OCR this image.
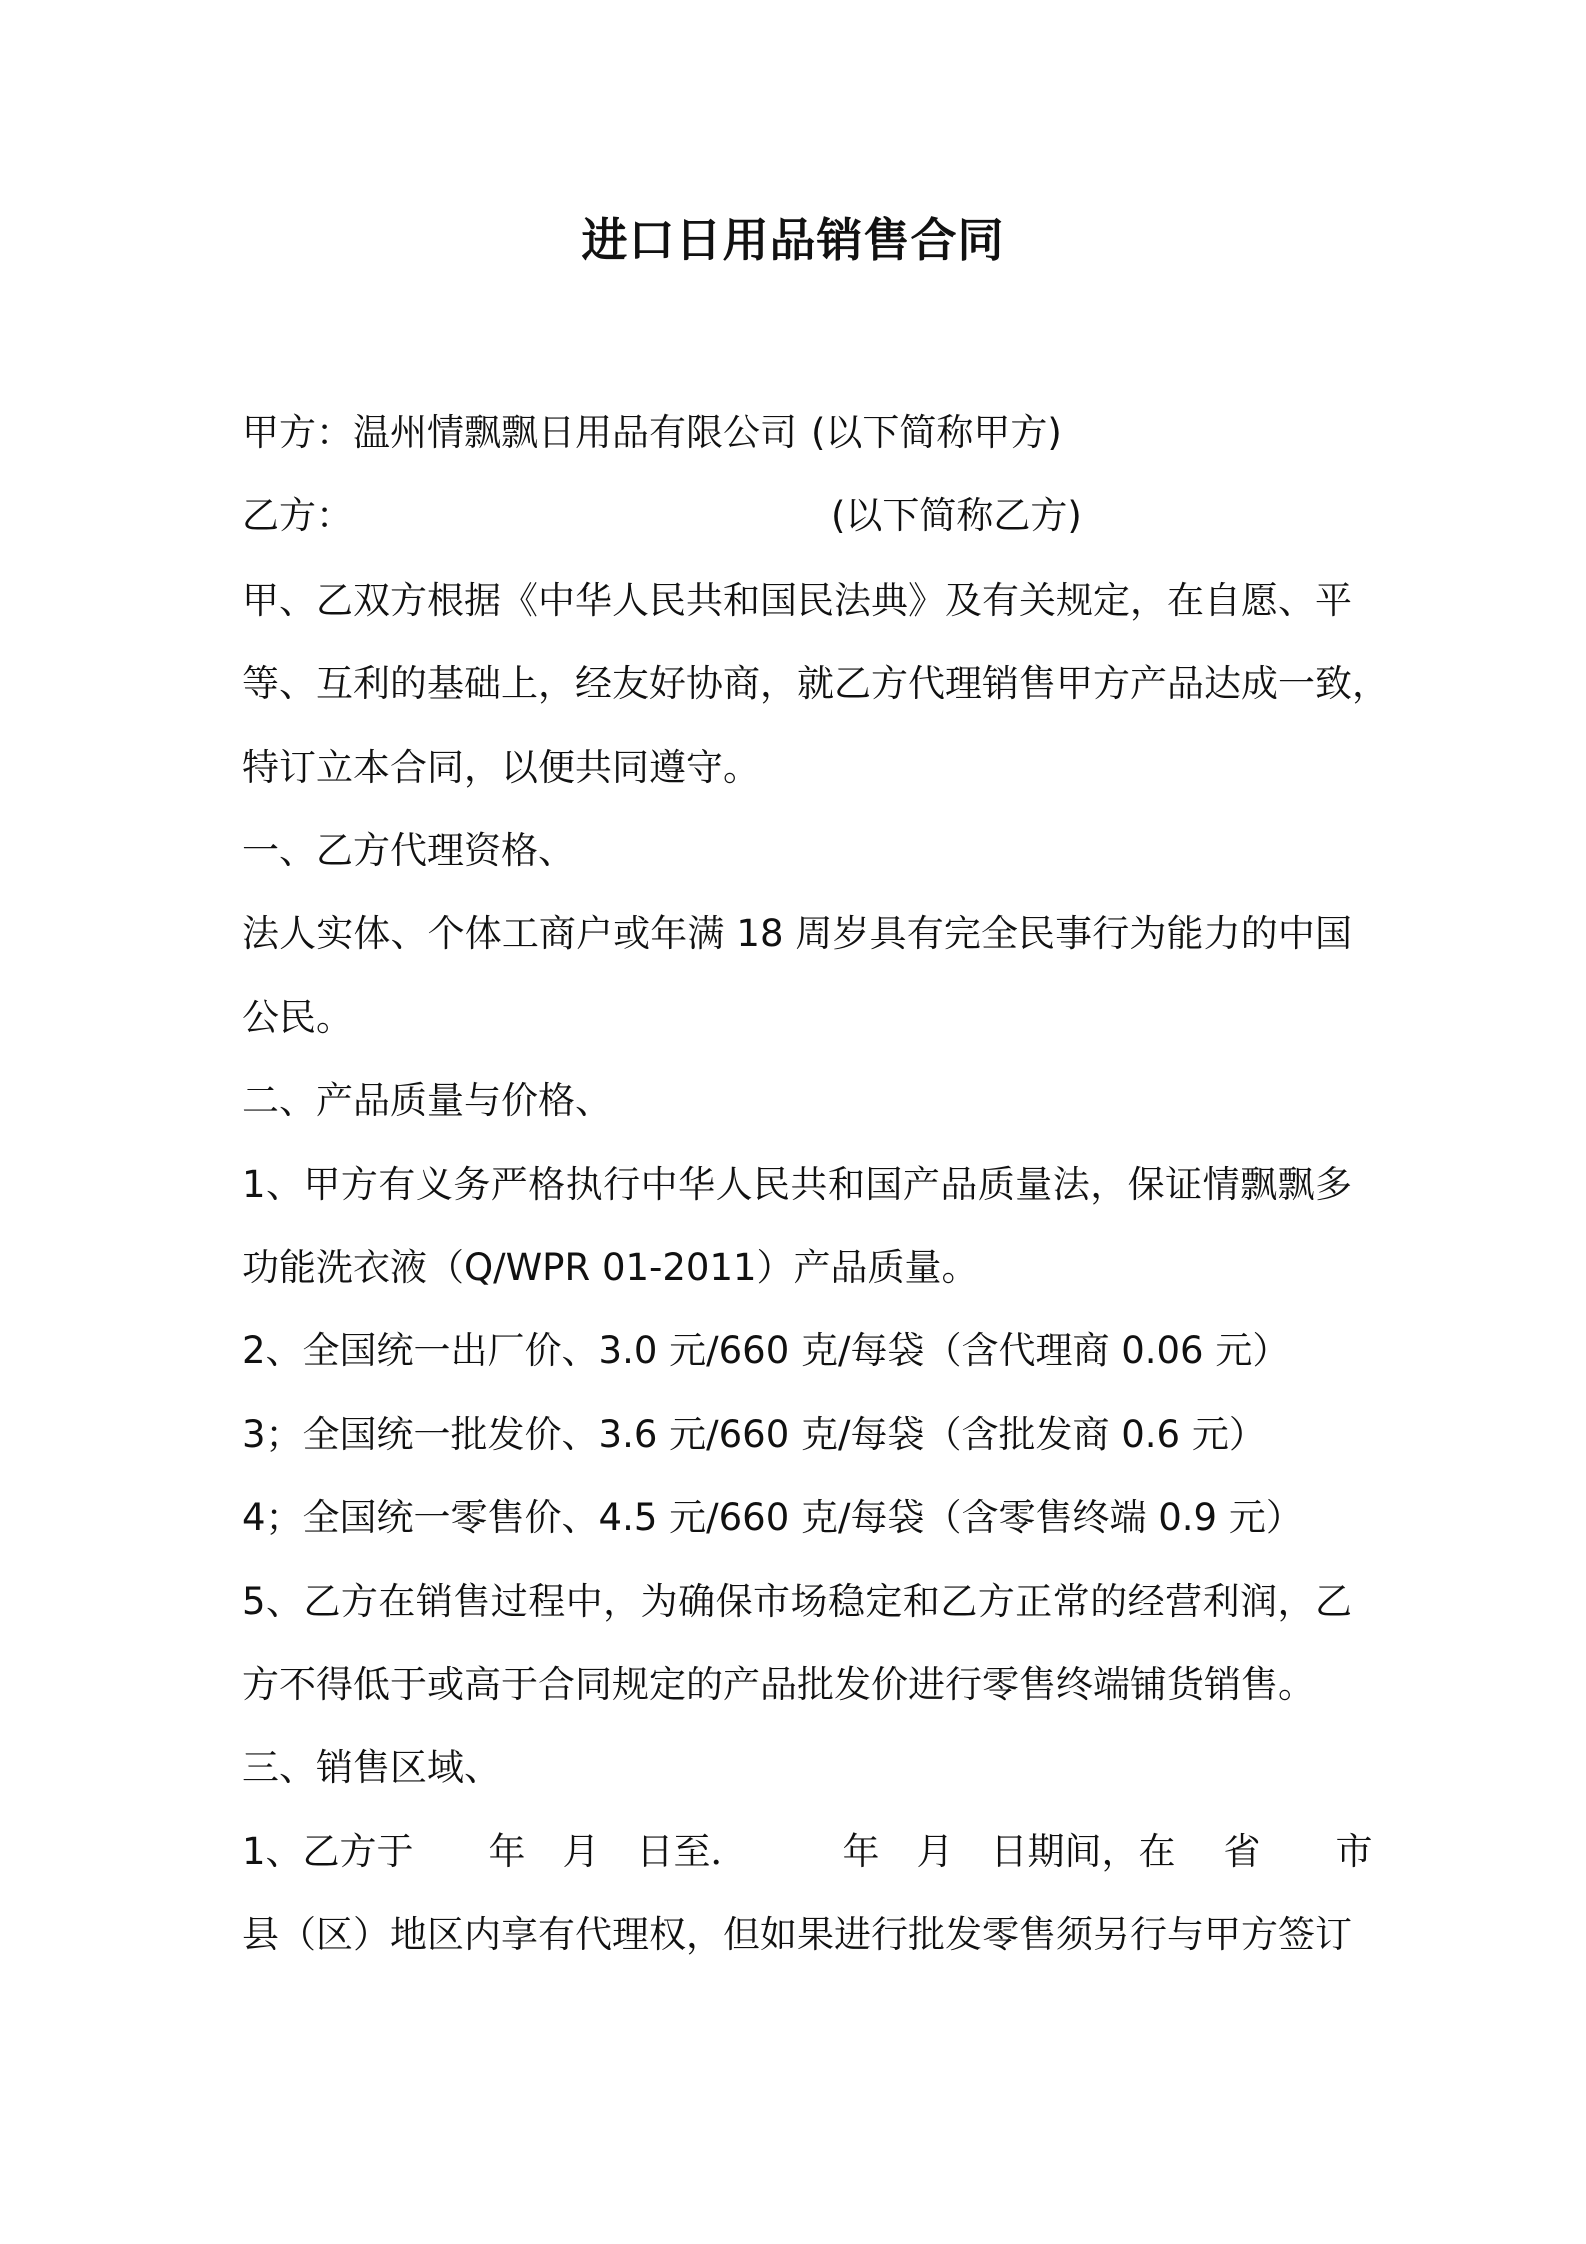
进口日用品销售合同
甲方：温州情飘飘日用品有限公司 (以下简称甲方)
乙方：	(以下简称乙方)
甲、乙双方根据《中华人民共和国民法典》及有关规定，在自愿、平
等、互利的基础上，经友好协商，就乙方代理销售甲方产品达成一致，
特订立本合同，以便共同遵守。
一、乙方代理资格、
法人实体、个体工商户或年满 18 周岁具有完全民事行为能力的中国
公民。
二、产品质量与价格、
1、甲方有义务严格执行中华人民共和国产品质量法，保证情飘飘多
功能洗衣液（Q/WPR 01-2011）产品质量。
2、全国统一出厂价、3.0 元/660 克/每袋（含代理商 0.06 元）
3；全国统一批发价、3.6 元/660 克/每袋（含批发商 0.6 元）
4；全国统一零售价、4.5 元/660 克/每袋（含零售终端 0.9 元）
5、乙方在销售过程中，为确保市场稳定和乙方正常的经营利润，乙
方不得低于或高于合同规定的产品批发价进行零售终端铺货销售。
三、销售区域、
1、乙方于 年 月 日至．	年 月 日期间，在 省 市
县（区）地区内享有代理权，但如果进行批发零售须另行与甲方签订
